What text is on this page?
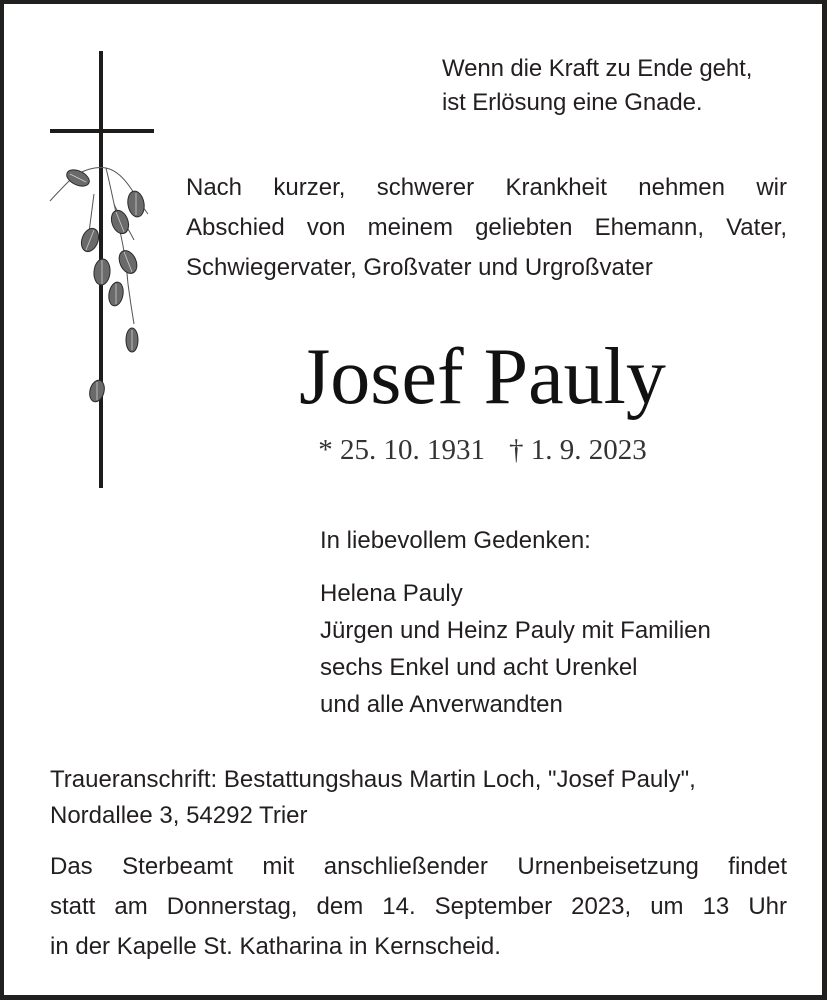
Wenn die Kraft zu Ende geht,
ist Erlösung eine Gnade.
Nach kurzer, schwerer Krankheit nehmen wir
Abschied von meinem geliebten Ehemann, Vater,
Schwiegervater, Großvater und Urgroßvater
Josef Pauly
* 25. 10. 1931 † 1. 9. 2023
In liebevollem Gedenken:
Helena Pauly
Jürgen und Heinz Pauly mit Familien
sechs Enkel und acht Urenkel
und alle Anverwandten
Traueranschrift: Bestattungshaus Martin Loch, "Josef Pauly",
Nordallee 3, 54292 Trier
Das Sterbeamt mit anschließender Urnenbeisetzung findet
statt am Donnerstag, dem 14. September 2023, um 13 Uhr
in der Kapelle St. Katharina in Kernscheid.
